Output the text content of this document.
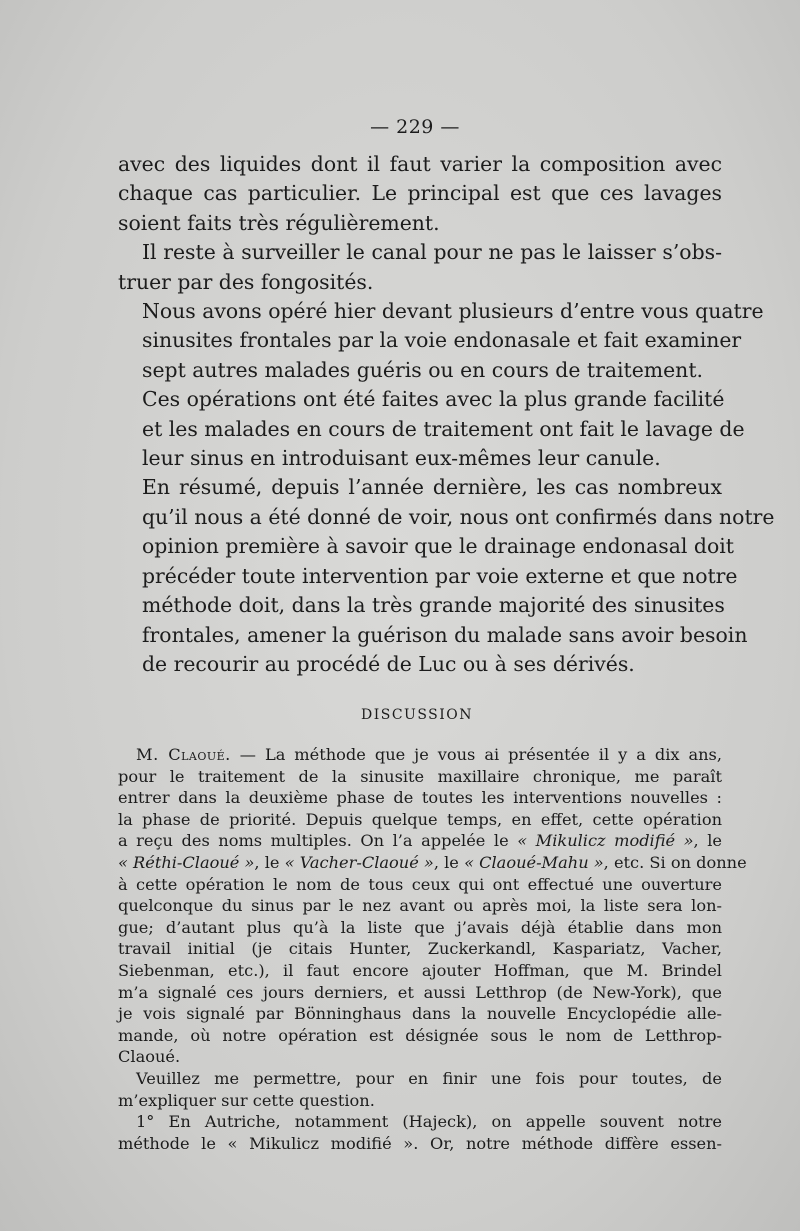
— 229 —

avec des liquides dont il faut varier la composition avec
chaque cas particulier. Le principal est que ces lavages
soient faits très régulièrement.

Il reste à surveiller le canal pour ne pas le laisser s’obs-
truer par des fongosités.

Nous avons opéré hier devant plusieurs d’entre vous quatre
sinusites frontales par la voie endonasale et fait examiner
sept autres malades guéris ou en cours de traitement.

Ces opérations ont été faites avec la plus grande facilité
et les malades en cours de traitement ont fait le lavage de
leur sinus en introduisant eux-mêmes leur canule.

En résumé, depuis l’année dernière, les cas nombreux
qu’il nous a été donné de voir, nous ont confirmés dans notre
opinion première à savoir que le drainage endonasal doit
précéder toute intervention par voie externe et que notre
méthode doit, dans la très grande majorité des sinusites
frontales, amener la guérison du malade sans avoir besoin
de recourir au procédé de Luc ou à ses dérivés.

DISCUSSION
M. Claoué. — La méthode que je vous ai présentée il y a dix ans,
pour le traitement de la sinusite maxillaire chronique, me paraît
entrer dans la deuxième phase de toutes les interventions nouvelles :
la phase de priorité. Depuis quelque temps, en effet, cette opération
a reçu des noms multiples. On l’a appelée le « Mikulicz modifié », le
« Réthi-Claoué », le « Vacher-Claoué », le « Claoué-Mahu », etc. Si on donne
à cette opération le nom de tous ceux qui ont effectué une ouverture
quelconque du sinus par le nez avant ou après moi, la liste sera lon-
gue; d’autant plus qu’à la liste que j’avais déjà établie dans mon
travail initial (je citais Hunter, Zuckerkandl, Kaspariatz, Vacher,
Siebenman, etc.), il faut encore ajouter Hoffman, que M. Brindel
m’a signalé ces jours derniers, et aussi Letthrop (de New-York), que
je vois signalé par Bönninghaus dans la nouvelle Encyclopédie alle-
mande, où notre opération est désignée sous le nom de Letthrop-
Claoué.
Veuillez me permettre, pour en finir une fois pour toutes, de
m’expliquer sur cette question.
1° En Autriche, notamment (Hajeck), on appelle souvent notre
méthode le « Mikulicz modifié ». Or, notre méthode diffère essen-
